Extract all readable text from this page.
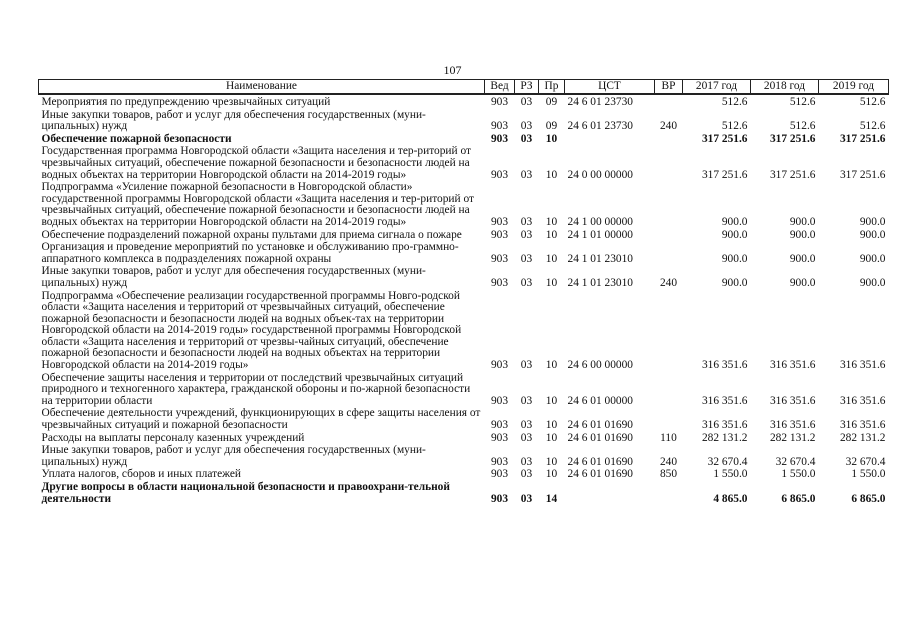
107
Наименование	Вед	РЗ	Пр	ЦСТ	ВР	2017 год	2018 год	2019 год
Мероприятия по предупреждению чрезвычайных ситуаций	903	03	09	24 6 01 23730		512.6	512.6	512.6
Иные закупки товаров, работ и услуг для обеспечения государственных (муни-ципальных) нужд	903	03	09	24 6 01 23730	240	512.6	512.6	512.6
Обеспечение пожарной безопасности	903	03	10			317 251.6	317 251.6	317 251.6
Государственная программа Новгородской области «Защита населения и тер-риторий от чрезвычайных ситуаций, обеспечение пожарной безопасности и безопасности людей на водных объектах на территории Новгородской области на 2014-2019 годы»	903	03	10	24 0 00 00000		317 251.6	317 251.6	317 251.6
Подпрограмма «Усиление пожарной безопасности в Новгородской области» государственной программы Новгородской области «Защита населения и тер-риторий от чрезвычайных ситуаций, обеспечение пожарной безопасности и безопасности людей на водных объектах на территории Новгородской области на 2014-2019 годы»	903	03	10	24 1 00 00000		900.0	900.0	900.0
Обеспечение подразделений пожарной охраны пультами для приема сигнала о пожаре	903	03	10	24 1 01 00000		900.0	900.0	900.0
Организация и проведение мероприятий по установке и обслуживанию про-граммно-аппаратного комплекса в подразделениях пожарной охраны	903	03	10	24 1 01 23010		900.0	900.0	900.0
Иные закупки товаров, работ и услуг для обеспечения государственных (муни-ципальных) нужд	903	03	10	24 1 01 23010	240	900.0	900.0	900.0
Подпрограмма «Обеспечение реализации государственной программы Новго-родской области «Защита населения и территорий от чрезвычайных ситуаций, обеспечение пожарной безопасности и безопасности людей на водных объек-тах на территории Новгородской области на 2014-2019 годы» государственной программы Новгородской области «Защита населения и территорий от чрезвы-чайных ситуаций, обеспечение пожарной безопасности и безопасности людей на водных объектах на территории Новгородской области на 2014-2019 годы»	903	03	10	24 6 00 00000		316 351.6	316 351.6	316 351.6
Обеспечение защиты населения и территории от последствий чрезвычайных ситуаций природного и техногенного характера, гражданской обороны и по-жарной безопасности на территории области	903	03	10	24 6 01 00000		316 351.6	316 351.6	316 351.6
Обеспечение деятельности учреждений, функционирующих в сфере защиты населения от чрезвычайных ситуаций и пожарной безопасности	903	03	10	24 6 01 01690		316 351.6	316 351.6	316 351.6
Расходы на выплаты персоналу казенных учреждений	903	03	10	24 6 01 01690	110	282 131.2	282 131.2	282 131.2
Иные закупки товаров, работ и услуг для обеспечения государственных (муни-ципальных) нужд	903	03	10	24 6 01 01690	240	32 670.4	32 670.4	32 670.4
Уплата налогов, сборов и иных платежей	903	03	10	24 6 01 01690	850	1 550.0	1 550.0	1 550.0
Другие вопросы в области национальной безопасности и правоохрани-тельной деятельности	903	03	14			4 865.0	6 865.0	6 865.0
